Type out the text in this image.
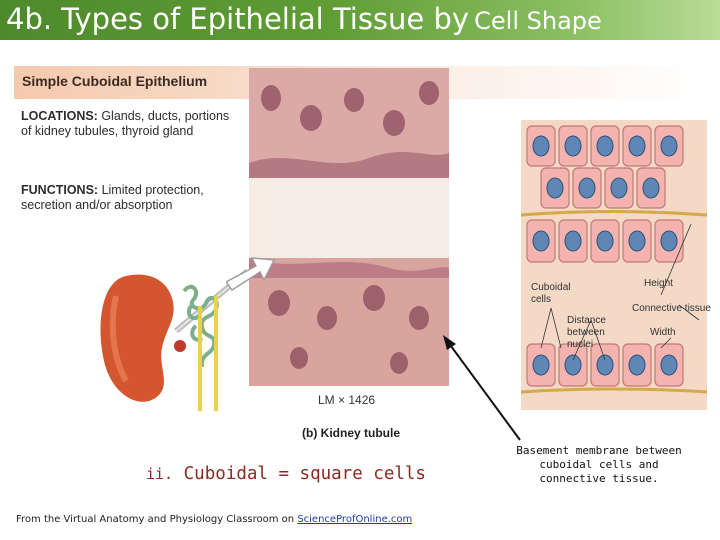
4b. Types of Epithelial Tissue by Cell Shape
Simple Cuboidal Epithelium
LOCATIONS: Glands, ducts, portions of kidney tubules, thyroid gland
FUNCTIONS: Limited protection, secretion and/or absorption
LM × 1426
(b) Kidney tubule
Cuboidal cells
Distance between nuclei
Height
Connective tissue
Width
ii. Cuboidal = square cells
Basement membrane between cuboidal cells and connective tissue.
From the Virtual Anatomy and Physiology Classroom on ScienceProfOnline.com
